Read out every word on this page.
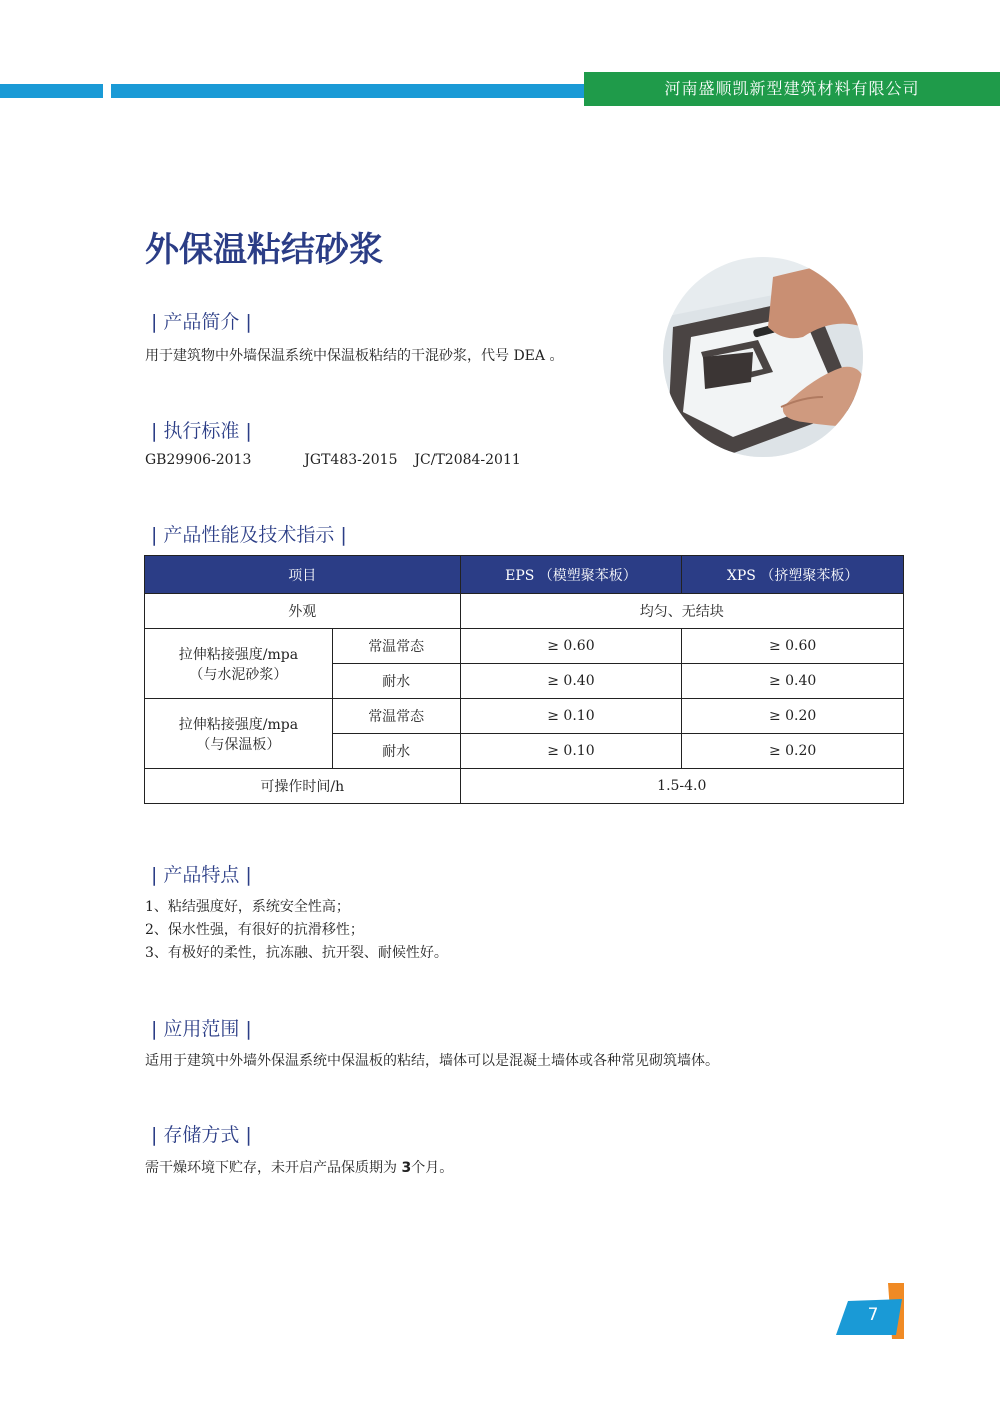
河南盛顺凯新型建筑材料有限公司
外保温粘结砂浆
| 产品简介 |
用于建筑物中外墙保温系统中保温板粘结的干混砂浆，代号 DEA 。
| 执行标准 |
GB29906-2013	JGT483-2015 JC/T2084-2011
| 产品性能及技术指示 |
项目		EPS （模塑聚苯板）	XPS （挤塑聚苯板）
外观		均匀、无结块	

拉伸粘接强度/mpa
（与水泥砂浆）	常温常态	≥ 0.60	≥ 0.60
	耐水	≥ 0.40	≥ 0.40

拉伸粘接强度/mpa
（与保温板）	常温常态	≥ 0.10	≥ 0.20
	耐水	≥ 0.10	≥ 0.20
可操作时间/h		1.5-4.0	
| 产品特点 |
1、粘结强度好，系统安全性高；
2、保水性强，有很好的抗滑移性；
3、有极好的柔性，抗冻融、抗开裂、耐候性好。
| 应用范围 |
适用于建筑中外墙外保温系统中保温板的粘结，墙体可以是混凝土墙体或各种常见砌筑墙体。
| 存储方式 |
需干燥环境下贮存，未开启产品保质期为 3个月。
7
